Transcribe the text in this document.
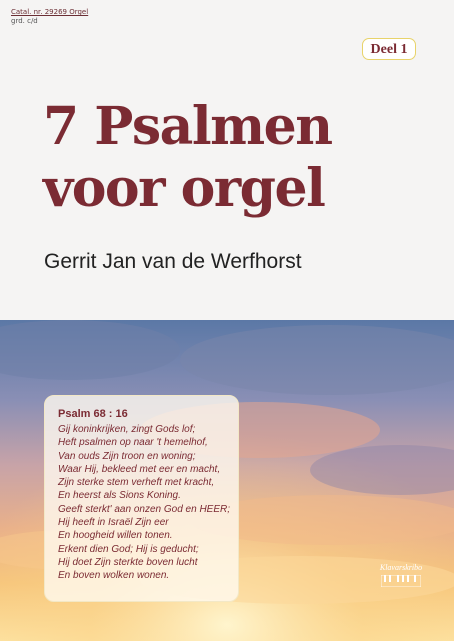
Catal. nr. 29269 Orgel
grd. c/d
Deel 1
7 Psalmen
voor orgel
Gerrit Jan van de Werfhorst
Psalm 68 : 16
Gij koninkrijken, zingt Gods lof;
Heft psalmen op naar 't hemelhof,
Van ouds Zijn troon en woning;
Waar Hij, bekleed met eer en macht,
Zijn sterke stem verheft met kracht,
En heerst als Sions Koning.
Geeft sterkt' aan onzen God en HEER;
Hij heeft in Israël Zijn eer
En hoogheid willen tonen.
Erkent dien God; Hij is geducht;
Hij doet Zijn sterkte boven lucht
En boven wolken wonen.
Klavarskribo
